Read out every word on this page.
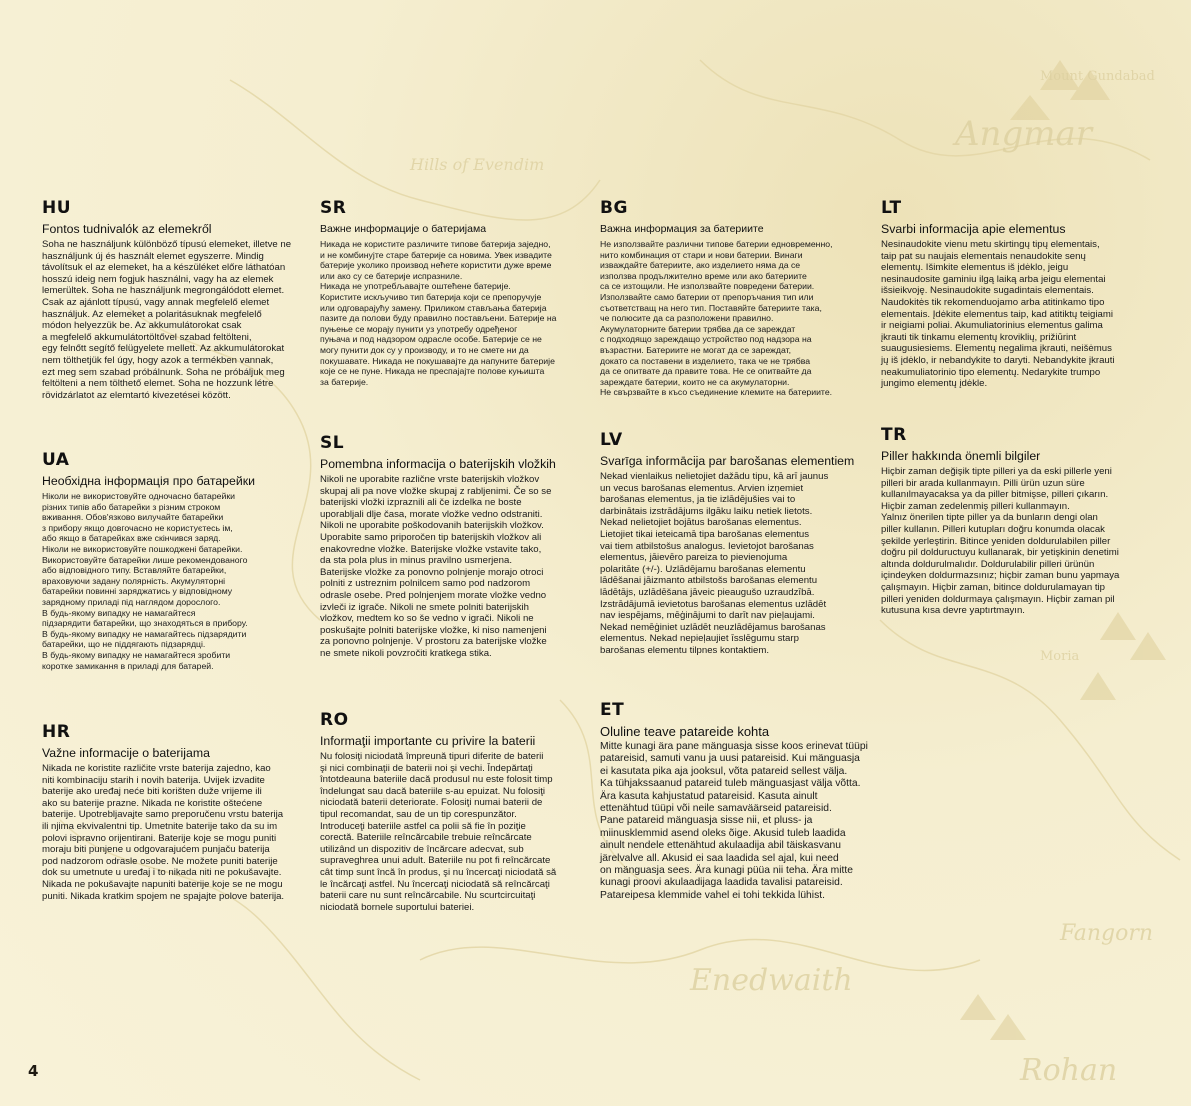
Mount Gundabad
Angmar
Hills of Evendim
Fangorn
Moria
Rohan
Enedwaith
HU
Fontos tudnivalók az elemekről
Soha ne használjunk különböző típusú elemeket, illetve ne
használjunk új és használt elemet egyszerre. Mindig
távolítsuk el az elemeket, ha a készüléket előre láthatóan
hosszú ideig nem fogjuk használni, vagy ha az elemek
lemerültek. Soha ne használjunk megrongálódott elemet.
Csak az ajánlott típusú, vagy annak megfelelő elemet
használjuk. Az elemeket a polaritásuknak megfelelő
módon helyezzük be. Az akkumulátorokat csak
a megfelelő akkumulátortöltővel szabad feltölteni,
egy felnőtt segítő felügyelete mellett. Az akkumulátorokat
nem tölthetjük fel úgy, hogy azok a termékben vannak,
ezt meg sem szabad próbálnunk. Soha ne próbáljuk meg
feltölteni a nem tölthető elemet. Soha ne hozzunk létre
rövidzárlatot az elemtartó kivezetései között.
SR
Важне информације о батеријама
Никада не користите различите типове батерија заједно,
и не комбинујте старе батерије са новима. Увек извадите
батерије уколико производ нећете користити дуже време
или ако су се батерије испразниле.
Никада не употребљавајте оштећене батерије.
Користите искључиво тип батерија који се препоручује
или одговарајућу замену. Приликом стављања батерија
пазите да полови буду правилно постављени. Батерије на
пуњење се морају пунити уз употребу одређеног
пуњача и под надзором одрасле особе. Батерије се не
могу пунити док су у производу, и то не смете ни да
покушавате. Никада не покушавајте да напуните батерије
које се не пуне. Никада не преспајајте полове куњишта
за батерије.
BG
Важна информация за батериите
Не използвайте различни типове батерии едновременно,
нито комбинация от стари и нови батерии. Винаги
изваждайте батериите, ако изделието няма да се
използва продължително време или ако батериите
са се изтощили. Не използвайте повредени батерии.
Използвайте само батерии от препоръчания тип или
съответстващ на него тип. Поставяйте батериите така,
че полюсите да са разположени правилно.
Акумулаторните батерии трябва да се зареждат
с подходящо зареждащо устройство под надзора на
възрастни. Батериите не могат да се зареждат,
докато са поставени в изделието, така че не трябва
да се опитвате да правите това. Не се опитвайте да
зареждате батерии, които не са акумулаторни.
Не свързвайте в късо съединение клемите на батериите.
LT
Svarbi informacija apie elementus
Nesinaudokite vienu metu skirtingų tipų elementais,
taip pat su naujais elementais nenaudokite senų
elementų. Išimkite elementus iš įdėklo, jeigu
nesinaudosite gaminiu ilgą laiką arba jeigu elementai
išsieikvoję. Nesinaudokite sugadintais elementais.
Naudokitės tik rekomenduojamo arba atitinkamo tipo
elementais. Įdėkite elementus taip, kad atitiktų teigiami
ir neigiami poliai. Akumuliatorinius elementus galima
įkrauti tik tinkamu elementų kroviklių, prižiūrint
suaugusiesiems. Elementų negalima įkrauti, neišėmus
jų iš įdėklo, ir nebandykite to daryti. Nebandykite įkrauti
neakumuliatorinio tipo elementų. Nedarykite trumpo
jungimo elementų įdėkle.
UA
Необхідна інформація про батарейки
Ніколи не використовуйте одночасно батарейки
різних типів або батарейки з різним строком
вживання. Обов'язково вилучайте батарейки
з прибору якщо довгочасно не користуєтесь ім,
або якщо в батарейках вже скінчився заряд.
Ніколи не використовуйте пошкоджені батарейки.
Використовуйте батарейки лише рекомендованого
або відповідного типу. Вставляйте батарейки,
враховуючи задану полярність. Акумуляторні
батарейки повинні заряджатись у відповідному
зарядному приладі під наглядом дорослого.
В будь-якому випадку не намагайтеся
підзарядити батарейки, що знаходяться в прибору.
В будь-якому випадку не намагайтесь підзарядити
батарейки, що не піддягають підзарядці.
В будь-якому випадку не намагайтеся зробити
коротке замикання в приладі для батарей.
SL
Pomembna informacija o baterijskih vložkih
Nikoli ne uporabite različne vrste baterijskih vložkov
skupaj ali pa nove vložke skupaj z rabljenimi. Če so se
baterijski vložki izpraznili ali če izdelka ne boste
uporabljali dlje časa, morate vložke vedno odstraniti.
Nikoli ne uporabite poškodovanih baterijskih vložkov.
Uporabite samo priporočen tip baterijskih vložkov ali
enakovredne vložke. Baterijske vložke vstavite tako,
da sta pola plus in minus pravilno usmerjena.
Baterijske vložke za ponovno polnjenje morajo otroci
polniti z ustreznim polnilcem samo pod nadzorom
odrasle osebe. Pred polnjenjem morate vložke vedno
izvleči iz igrače. Nikoli ne smete polniti baterijskih
vložkov, medtem ko so še vedno v igrači. Nikoli ne
poskušajte polniti baterijske vložke, ki niso namenjeni
za ponovno polnjenje. V prostoru za baterijske vložke
ne smete nikoli povzročiti kratkega stika.
LV
Svarīga informācija par barošanas elementiem
Nekad vienlaikus nelietojiet dažādu tipu, kā arī jaunus
un vecus barošanas elementus. Arvien izņemiet
barošanas elementus, ja tie izlādējušies vai to
darbinātais izstrādājums ilgāku laiku netiek lietots.
Nekad nelietojiet bojātus barošanas elementus.
Lietojiet tikai ieteicamā tipa barošanas elementus
vai tiem atbilstošus analogus. Ievietojot barošanas
elementus, jāievēro pareiza to pievienojuma
polaritāte (+/-). Uzlādējamu barošanas elementu
lādēšanai jāizmanto atbilstošs barošanas elementu
lādētājs, uzlādēšana jāveic pieaugušo uzraudzībā.
Izstrādājumā ievietotus barošanas elementus uzlādēt
nav iespējams, mēģinājumi to darīt nav pieļaujami.
Nekad nemēģiniet uzlādēt neuzlādējamus barošanas
elementus. Nekad nepieļaujiet īsslēgumu starp
barošanas elementu tilpnes kontaktiem.
TR
Piller hakkında önemli bilgiler
Hiçbir zaman değişik tipte pilleri ya da eski pillerle yeni
pilleri bir arada kullanmayın. Pilli ürün uzun süre
kullanılmayacaksa ya da piller bitmişse, pilleri çıkarın.
Hiçbir zaman zedelenmiş pilleri kullanmayın.
Yalnız önerilen tipte piller ya da bunların dengi olan
piller kullanın. Pilleri kutupları doğru konumda olacak
şekilde yerleştirin. Bitince yeniden doldurulabilen piller
doğru pil dolduructuyu kullanarak, bir yetişkinin denetimi
altında doldurulmalıdır. Doldurulabilir pilleri ürünün
içindeyken doldurmazsınız; hiçbir zaman bunu yapmaya
çalışmayın. Hiçbir zaman, bitince doldurulamayan tip
pilleri yeniden doldurmaya çalışmayın. Hiçbir zaman pil
kutusuna kısa devre yaptırtmayın.
HR
Važne informacije o baterijama
Nikada ne koristite različite vrste baterija zajedno, kao
niti kombinaciju starih i novih baterija. Uvijek izvadite
baterije ako uređaj neće biti korišten duže vrijeme ili
ako su baterije prazne. Nikada ne koristite oštećene
baterije. Upotrebljavajte samo preporučenu vrstu baterija
ili njima ekvivalentni tip. Umetnite baterije tako da su im
polovi ispravno orijentirani. Baterije koje se mogu puniti
moraju biti punjene u odgovarajućem punjaču baterija
pod nadzorom odrasle osobe. Ne možete puniti baterije
dok su umetnute u uređaj i to nikada niti ne pokušavajte.
Nikada ne pokušavajte napuniti baterije koje se ne mogu
puniti. Nikada kratkim spojem ne spajajte polove baterija.
RO
Informaţii importante cu privire la baterii
Nu folosiţi niciodată împreună tipuri diferite de baterii
şi nici combinaţii de baterii noi şi vechi. Îndepărtaţi
întotdeauna bateriile dacă produsul nu este folosit timp
îndelungat sau dacă bateriile s-au epuizat. Nu folosiţi
niciodată baterii deteriorate. Folosiţi numai baterii de
tipul recomandat, sau de un tip corespunzător.
Introduceţi bateriile astfel ca polii să fie în poziţie
corectă. Bateriile reîncărcabile trebuie reîncărcate
utilizând un dispozitiv de încărcare adecvat, sub
supraveghrea unui adult. Bateriile nu pot fi reîncărcate
cât timp sunt încă în produs, şi nu încercaţi niciodată să
le încărcaţi astfel. Nu încercaţi niciodată să reîncărcaţi
baterii care nu sunt reîncărcabile. Nu scurtcircuitaţi
niciodată bornele suportului bateriei.
ET
Oluline teave patareide kohta
Mitte kunagi ära pane mänguasja sisse koos erinevat tüüpi
patareisid, samuti vanu ja uusi patareisid. Kui mänguasja
ei kasutata pika aja jooksul, võta patareid sellest välja.
Ka tühjakssaanud patareid tuleb mänguasjast välja võtta.
Ära kasuta kahjustatud patareisid. Kasuta ainult
ettenähtud tüüpi või neile samaväärseid patareisid.
Pane patareid mänguasja sisse nii, et pluss- ja
miinusklemmid asend oleks õige. Akusid tuleb laadida
ainult nendele ettenähtud akulaadija abil täiskasvanu
järelvalve all. Akusid ei saa laadida sel ajal, kui need
on mänguasja sees. Ära kunagi püüa nii teha. Ära mitte
kunagi proovi akulaadijaga laadida tavalisi patareisid.
Patareipesa klemmide vahel ei tohi tekkida lühist.
4
